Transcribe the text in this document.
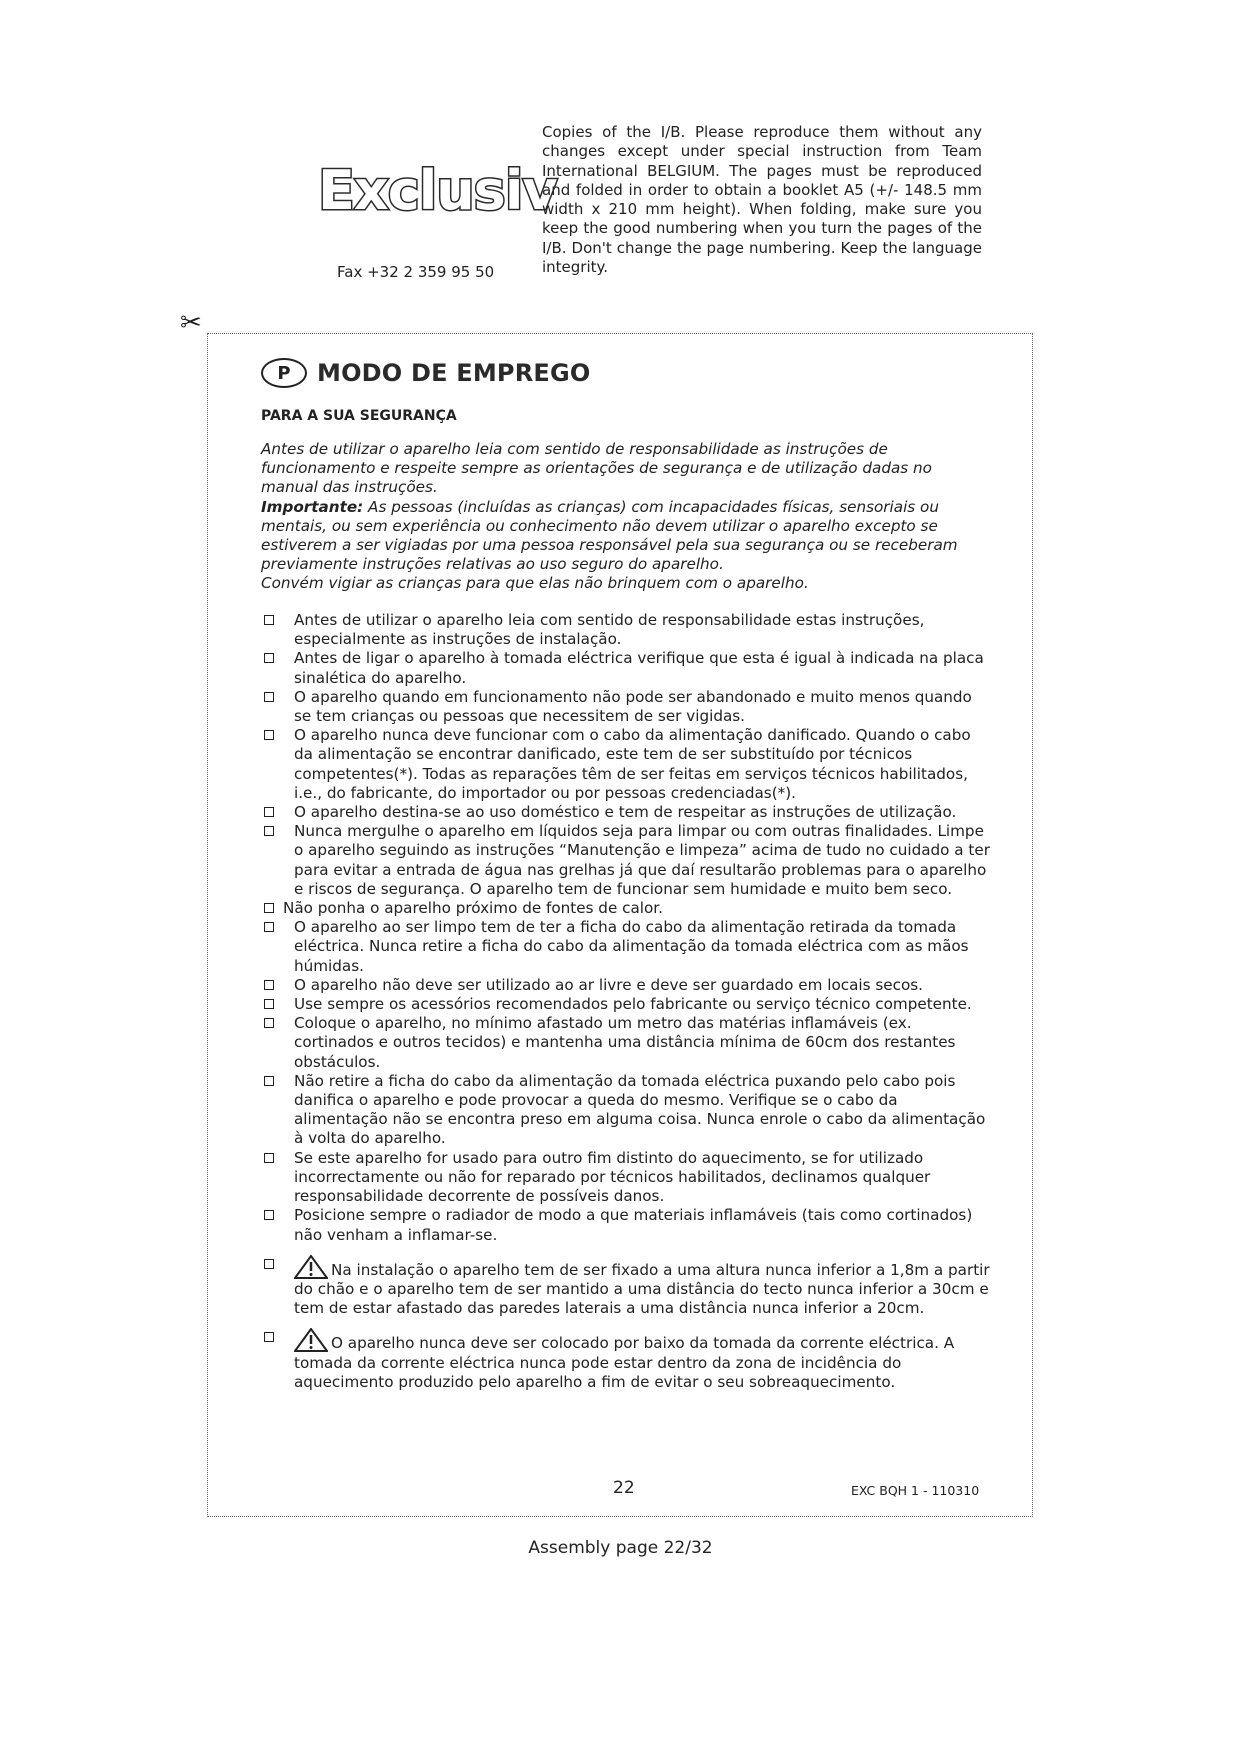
Exclusiv
Fax +32 2 359 95 50
Copies of the I/B. Please reproduce them without any changes except under special instruction from Team International BELGIUM. The pages must be reproduced and folded in order to obtain a booklet A5 (+/- 148.5 mm width x 210 mm height). When folding, make sure you keep the good numbering when you turn the pages of the I/B. Don't change the page numbering. Keep the language integrity.
✂
P	MODO DE EMPREGO
PARA A SUA SEGURANÇA

Antes de utilizar o aparelho leia com sentido de responsabilidade as instruções de funcionamento e respeite sempre as orientações de segurança e de utilização dadas no manual das instruções.

Importante: As pessoas (incluídas as crianças) com incapacidades físicas, sensoriais ou mentais, ou sem experiência ou conhecimento não devem utilizar o aparelho excepto se estiverem a ser vigiadas por uma pessoa responsável pela sua segurança ou se receberam previamente instruções relativas ao uso seguro do aparelho.

Convém vigiar as crianças para que elas não brinquem com o aparelho.

Antes de utilizar o aparelho leia com sentido de responsabilidade estas instruções, especialmente as instruções de instalação.
Antes de ligar o aparelho à tomada eléctrica verifique que esta é igual à indicada na placa sinalética do aparelho.
O aparelho quando em funcionamento não pode ser abandonado e muito menos quando se tem crianças ou pessoas que necessitem de ser vigidas.
O aparelho nunca deve funcionar com o cabo da alimentação danificado. Quando o cabo da alimentação se encontrar danificado, este tem de ser substituído por técnicos competentes(*). Todas as reparações têm de ser feitas em serviços técnicos habilitados, i.e., do fabricante, do importador ou por pessoas credenciadas(*).
O aparelho destina-se ao uso doméstico e tem de respeitar as instruções de utilização.
Nunca mergulhe o aparelho em líquidos seja para limpar ou com outras finalidades. Limpe o aparelho seguindo as instruções “Manutenção e limpeza” acima de tudo no cuidado a ter para evitar a entrada de água nas grelhas já que daí resultarão problemas para o aparelho e riscos de segurança. O aparelho tem de funcionar sem humidade e muito bem seco.
Não ponha o aparelho próximo de fontes de calor.
O aparelho ao ser limpo tem de ter a ficha do cabo da alimentação retirada da tomada eléctrica. Nunca retire a ficha do cabo da alimentação da tomada eléctrica com as mãos húmidas.
O aparelho não deve ser utilizado ao ar livre e deve ser guardado em locais secos.
Use sempre os acessórios recomendados pelo fabricante ou serviço técnico competente.
Coloque o aparelho, no mínimo afastado um metro das matérias inflamáveis (ex. cortinados e outros tecidos) e mantenha uma distância mínima de 60cm dos restantes obstáculos.
Não retire a ficha do cabo da alimentação da tomada eléctrica puxando pelo cabo pois danifica o aparelho e pode provocar a queda do mesmo. Verifique se o cabo da alimentação não se encontra preso em alguma coisa. Nunca enrole o cabo da alimentação à volta do aparelho.
Se este aparelho for usado para outro fim distinto do aquecimento, se for utilizado incorrectamente ou não for reparado por técnicos habilitados, declinamos qualquer responsabilidade decorrente de possíveis danos.
Posicione sempre o radiador de modo a que materiais inflamáveis (tais como cortinados) não venham a inflamar-se.
Na instalação o aparelho tem de ser fixado a uma altura nunca inferior a 1,8m a partir do chão e o aparelho tem de ser mantido a uma distância do tecto nunca inferior a 30cm e tem de estar afastado das paredes laterais a uma distância nunca inferior a 20cm.
O aparelho nunca deve ser colocado por baixo da tomada da corrente eléctrica. A tomada da corrente eléctrica nunca pode estar dentro da zona de incidência do aquecimento produzido pelo aparelho a fim de evitar o seu sobreaquecimento.
22	EXC BQH 1 - 110310
Assembly page 22/32
